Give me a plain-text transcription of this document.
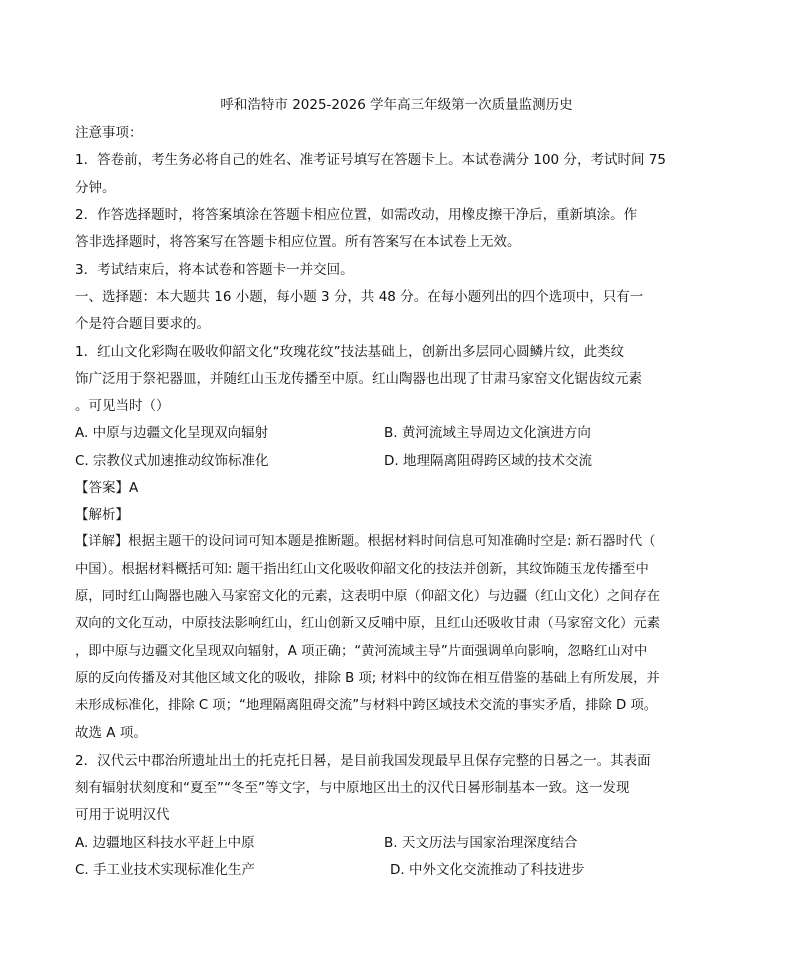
呼和浩特市 2025-2026 学年高三年级第一次质量监测历史
注意事项：
1．答卷前，考生务必将自己的姓名、准考证号填写在答题卡上。本试卷满分 100 分，考试时间 75
分钟。
2．作答选择题时，将答案填涂在答题卡相应位置，如需改动，用橡皮擦干净后，重新填涂。作
答非选择题时，将答案写在答题卡相应位置。所有答案写在本试卷上无效。
3．考试结束后，将本试卷和答题卡一并交回。
一、选择题：本大题共 16 小题，每小题 3 分，共 48 分。在每小题列出的四个选项中，只有一
个是符合题目要求的。
1．红山文化彩陶在吸收仰韶文化“玫瑰花纹”技法基础上，创新出多层同心圆鳞片纹，此类纹
饰广泛用于祭祀器皿，并随红山玉龙传播至中原。红山陶器也出现了甘肃马家窑文化锯齿纹元素
。可见当时（）
A. 中原与边疆文化呈现双向辐射	B. 黄河流域主导周边文化演进方向
C. 宗教仪式加速推动纹饰标准化	D. 地理隔离阻碍跨区域的技术交流
【答案】A
【解析】
【详解】根据主题干的设问词可知本题是推断题。根据材料时间信息可知准确时空是: 新石器时代（
中国）。根据材料概括可知: 题干指出红山文化吸收仰韶文化的技法并创新，其纹饰随玉龙传播至中
原，同时红山陶器也融入马家窑文化的元素，这表明中原（仰韶文化）与边疆（红山文化）之间存在
双向的文化互动，中原技法影响红山，红山创新又反哺中原，且红山还吸收甘肃（马家窑文化）元素
，即中原与边疆文化呈现双向辐射，A 项正确；“黄河流域主导”片面强调单向影响，忽略红山对中
原的反向传播及对其他区域文化的吸收，排除 B 项; 材料中的纹饰在相互借鉴的基础上有所发展，并
未形成标准化，排除 C 项；“地理隔离阻碍交流”与材料中跨区域技术交流的事实矛盾，排除 D 项。
故选 A 项。
2．汉代云中郡治所遗址出土的托克托日晷，是目前我国发现最早且保存完整的日晷之一。其表面
刻有辐射状刻度和“夏至”“冬至”等文字，与中原地区出土的汉代日晷形制基本一致。这一发现
可用于说明汉代
A. 边疆地区科技水平赶上中原	B. 天文历法与国家治理深度结合
C. 手工业技术实现标准化生产	D. 中外文化交流推动了科技进步
